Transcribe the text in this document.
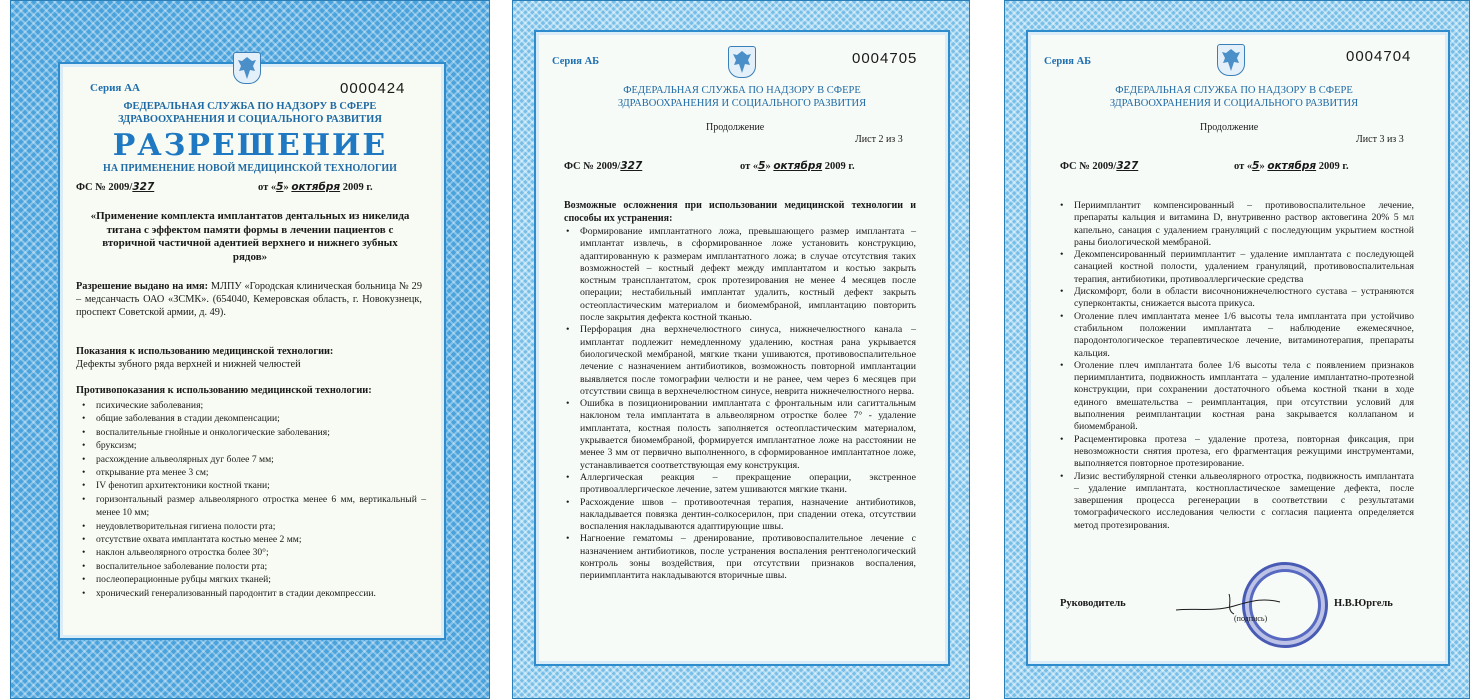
Серия АА	0000424
ФЕДЕРАЛЬНАЯ СЛУЖБА ПО НАДЗОРУ В СФЕРЕ
ЗДРАВООХРАНЕНИЯ И СОЦИАЛЬНОГО РАЗВИТИЯ
РАЗРЕШЕНИЕ
НА ПРИМЕНЕНИЕ НОВОЙ МЕДИЦИНСКОЙ ТЕХНОЛОГИИ
ФС № 2009/327	от «5» октября 2009 г.
«Применение комплекта имплантатов дентальных из никелида титана с эффектом памяти формы в лечении пациентов с вторичной частичной адентией верхнего и нижнего зубных рядов»
Разрешение выдано на имя: МЛПУ «Городская клиническая больница № 29 – медсанчасть ОАО «ЗСМК». (654040, Кемеровская область, г. Новокузнецк, проспект Советской армии, д. 49).
Показания к использованию медицинской технологии:
Дефекты зубного ряда верхней и нижней челюстей
Противопоказания к использованию медицинской технологии:
• психические заболевания;
• общие заболевания в стадии декомпенсации;
• воспалительные гнойные и онкологические заболевания;
• бруксизм;
• расхождение альвеолярных дуг более 7 мм;
• открывание рта менее 3 см;
• IV фенотип архитектоники костной ткани;
• горизонтальный размер альвеолярного отростка менее 6 мм, вертикальный – менее 10 мм;
• неудовлетворительная гигиена полости рта;
• отсутствие охвата имплантата костью менее 2 мм;
• наклон альвеолярного отростка более 30°;
• воспалительное заболевание полости рта;
• послеоперационные рубцы мягких тканей;
• хронический генерализованный пародонтит в стадии декомпрессии.
Серия АБ	0004705
ФЕДЕРАЛЬНАЯ СЛУЖБА ПО НАДЗОРУ В СФЕРЕ
ЗДРАВООХРАНЕНИЯ И СОЦИАЛЬНОГО РАЗВИТИЯ
Продолжение
Лист 2 из 3
ФС № 2009/327	от «5» октября 2009 г.
Возможные осложнения при использовании медицинской технологии и способы их устранения:
• Формирование имплантатного ложа, превышающего размер имплантата – имплантат извлечь, в сформированное ложе установить конструкцию, адаптированную к размерам имплантатного ложа; в случае отсутствия таких возможностей – костный дефект между имплантатом и костью закрыть костным трансплантатом, срок протезирования не менее 4 месяцев после операции; нестабильный имплантат удалить, костный дефект закрыть остеопластическим материалом и биомембраной, имплантацию повторить после закрытия дефекта костной тканью.
• Перфорация дна верхнечелюстного синуса, нижнечелюстного канала – имплантат подлежит немедленному удалению, костная рана укрывается биологической мембраной, мягкие ткани ушиваются, противовоспалительное лечение с назначением антибиотиков, возможность повторной имплантации выявляется после томографии челюсти и не ранее, чем через 6 месяцев при отсутствии свища в верхнечелюстном синусе, неврита нижнечелюстного нерва.
• Ошибка в позиционировании имплантата с фронтальным или сагиттальным наклоном тела имплантата в альвеолярном отростке более 7° - удаление имплантата, костная полость заполняется остеопластическим материалом, укрывается биомембраной, формируется имплантатное ложе на расстоянии не менее 3 мм от первично выполненного, в сформированное имплантатное ложе, устанавливается соответствующая ему конструкция.
• Аллергическая реакция – прекращение операции, экстренное противоаллергическое лечение, затем ушиваются мягкие ткани.
• Расхождение швов – противоотечная терапия, назначение антибиотиков, накладывается повязка дентин-солкосерилон, при спадении отека, отсутствии воспаления накладываются адаптирующие швы.
• Нагноение гематомы – дренирование, противовоспалительное лечение с назначением антибиотиков, после устранения воспаления рентгенологический контроль зоны воздействия, при отсутствии признаков воспаления, периимплантита накладываются вторичные швы.
Серия АБ	0004704
ФЕДЕРАЛЬНАЯ СЛУЖБА ПО НАДЗОРУ В СФЕРЕ
ЗДРАВООХРАНЕНИЯ И СОЦИАЛЬНОГО РАЗВИТИЯ
Продолжение
Лист 3 из 3
ФС № 2009/327	от «5» октября 2009 г.
• Периимплантит компенсированный – противовоспалительное лечение, препараты кальция и витамина D, внутривенно раствор актовегина 20% 5 мл капельно, санация с удалением грануляций с последующим укрытием костной раны биологической мембраной.
• Декомпенсированный периимплантит – удаление имплантата с последующей санацией костной полости, удалением грануляций, противовоспалительная терапия, антибиотики, противоаллергические средства
• Дискомфорт, боли в области височнонижнечелюстного сустава – устраняются суперконтакты, снижается высота прикуса.
• Оголение плеч имплантата менее 1/6 высоты тела имплантата при устойчиво стабильном положении имплантата – наблюдение ежемесячное, пародонтологическое терапевтическое лечение, витаминотерапия, препараты кальция.
• Оголение плеч имплантата более 1/6 высоты тела с появлением признаков периимплантита, подвижность имплантата – удаление имплантатно-протезной конструкции, при сохранении достаточного объема костной ткани в ходе единого вмешательства – реимплантация, при отсутствии условий для выполнения реимплантации костная рана закрывается коллапаном и биомембраной.
• Расцементировка протеза – удаление протеза, повторная фиксация, при невозможности снятия протеза, его фрагментация режущими инструментами, выполняется повторное протезирование.
• Лизис вестибулярной стенки альвеолярного отростка, подвижность имплантата – удаление имплантата, костнопластическое замещение дефекта, после завершения процесса регенерации в соответствии с результатами томографического исследования челюсти с согласия пациента определяется метод протезирования.
Руководитель
(подпись)
Н.В.Юргель
